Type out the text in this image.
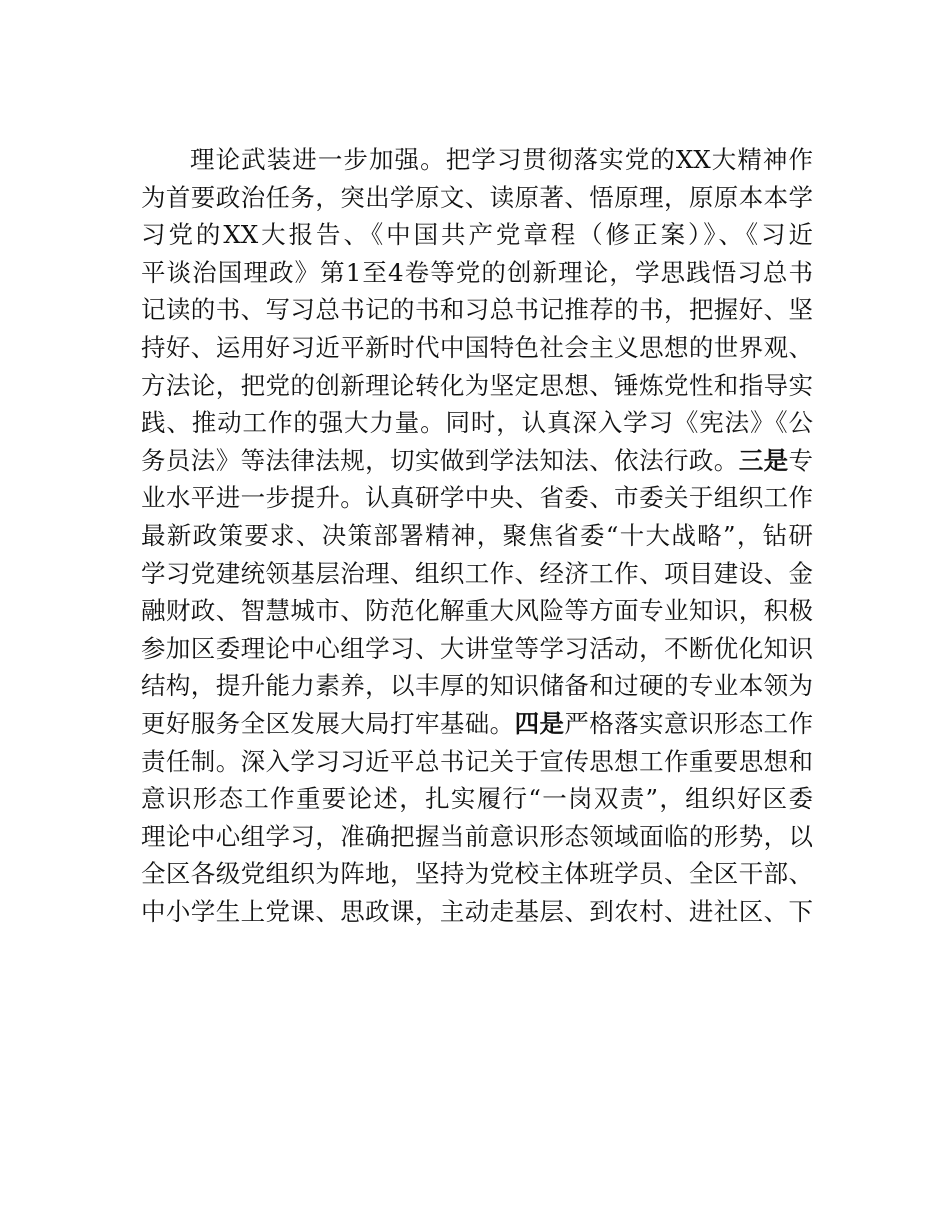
理论武装进一步加强。把学习贯彻落实党的XX大精神作
为首要政治任务，突出学原文、读原著、悟原理，原原本本学
习党的XX大报告、《中国共产党章程（修正案）》、《习近
平谈治国理政》第1至4卷等党的创新理论，学思践悟习总书
记读的书、写习总书记的书和习总书记推荐的书，把握好、坚
持好、运用好习近平新时代中国特色社会主义思想的世界观、
方法论，把党的创新理论转化为坚定思想、锤炼党性和指导实
践、推动工作的强大力量。同时，认真深入学习《宪法》《公
务员法》等法律法规，切实做到学法知法、依法行政。三是专
业水平进一步提升。认真研学中央、省委、市委关于组织工作
最新政策要求、决策部署精神，聚焦省委“十大战略”，钻研
学习党建统领基层治理、组织工作、经济工作、项目建设、金
融财政、智慧城市、防范化解重大风险等方面专业知识，积极
参加区委理论中心组学习、大讲堂等学习活动，不断优化知识
结构，提升能力素养，以丰厚的知识储备和过硬的专业本领为
更好服务全区发展大局打牢基础。四是严格落实意识形态工作
责任制。深入学习习近平总书记关于宣传思想工作重要思想和
意识形态工作重要论述，扎实履行“一岗双责”，组织好区委
理论中心组学习，准确把握当前意识形态领域面临的形势，以
全区各级党组织为阵地，坚持为党校主体班学员、全区干部、
中小学生上党课、思政课，主动走基层、到农村、进社区、下
